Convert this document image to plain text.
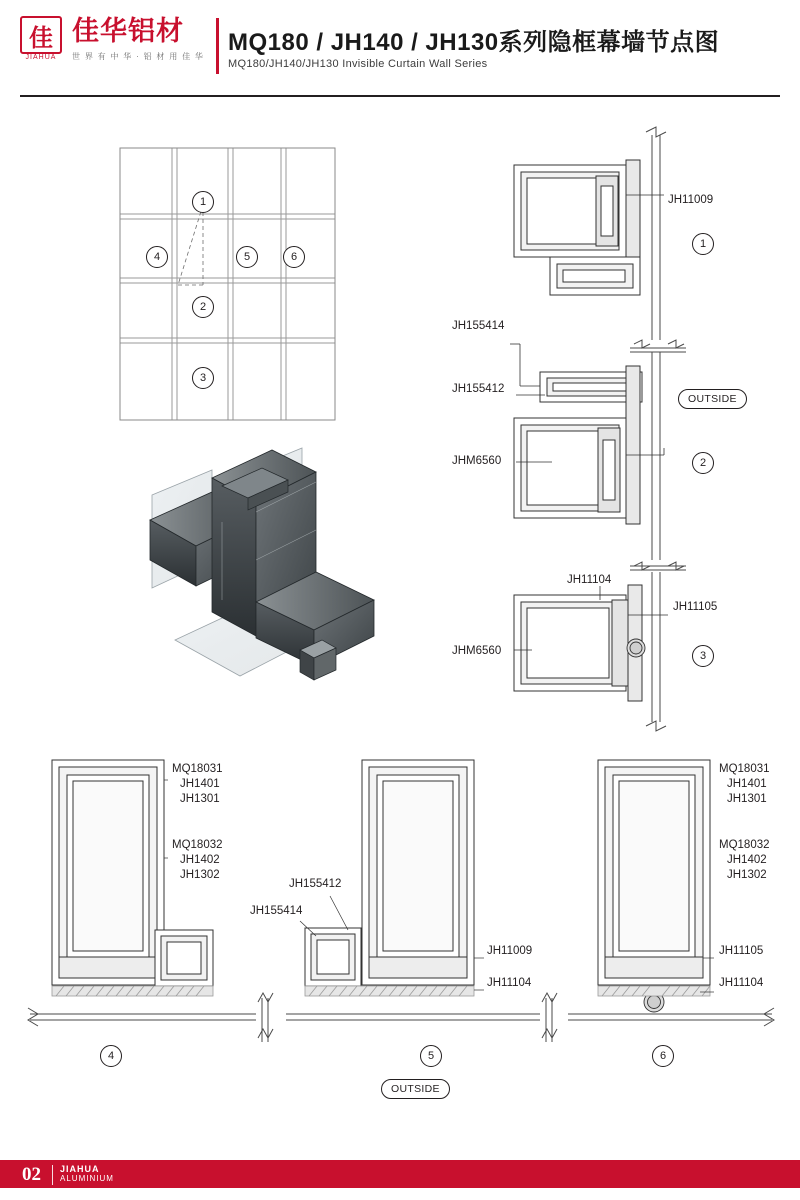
佳
JIAHUA
佳华铝材
世 界 有 中 华 · 铝 材 用 佳 华
MQ180 / JH140 / JH130系列隐框幕墙节点图
MQ180/JH140/JH130 Invisible Curtain Wall Series
1
4	5	6
2
3
1
2
3
OUTSIDE
JH11009
JH155414
JH155412
JHM6560
JH11104
JH11105
JHM6560
4	5	6
OUTSIDE
MQ18031
JH1401
JH1301
MQ18032
JH1402
JH1302
JH155412
JH155414
JH11009
JH11104
MQ18031
JH1401
JH1301
MQ18032
JH1402
JH1302
JH11105
JH11104
02 JIAHUA
ALUMINIUM
